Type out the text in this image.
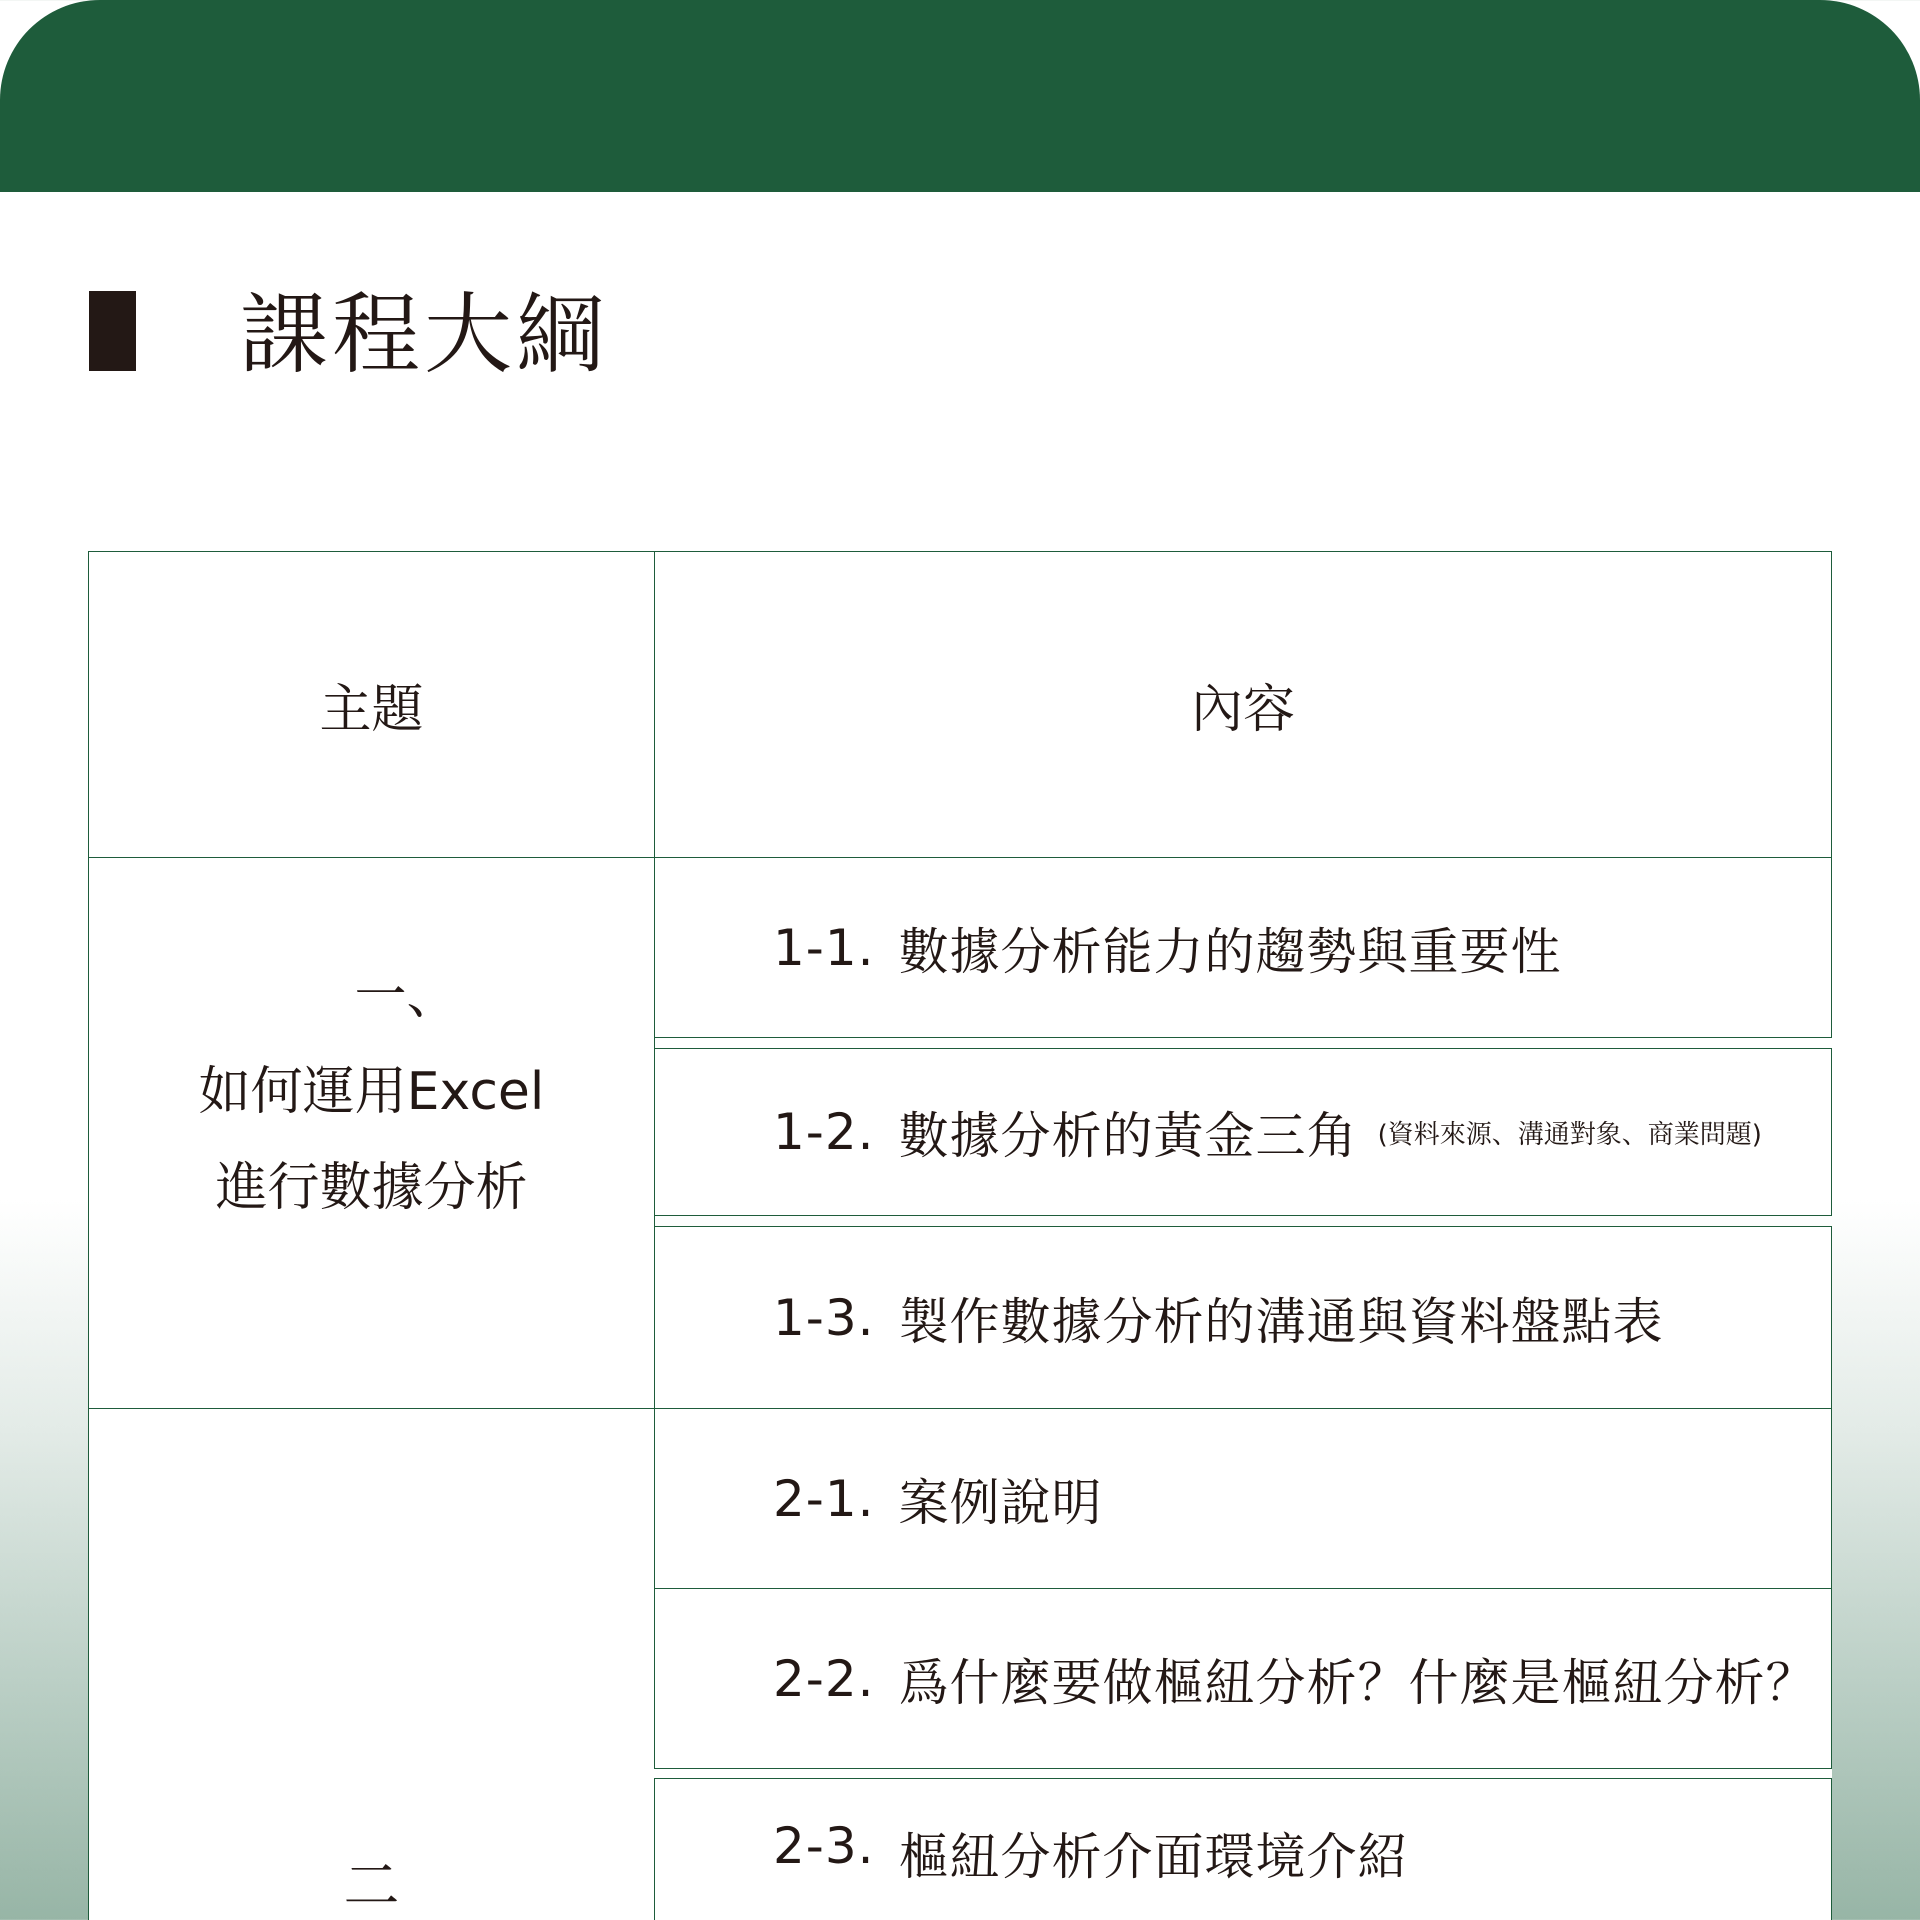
課程大綱
主題	內容
一、
如何運用Excel
進行數據分析
1-1. 數據分析能力的趨勢與重要性
1-2. 數據分析的黃金三角 (資料來源、溝通對象、商業問題)
1-3. 製作數據分析的溝通與資料盤點表
二
2-1. 案例說明
2-2. 爲什麼要做樞紐分析？什麼是樞紐分析？
2-3. 樞紐分析介面環境介紹
